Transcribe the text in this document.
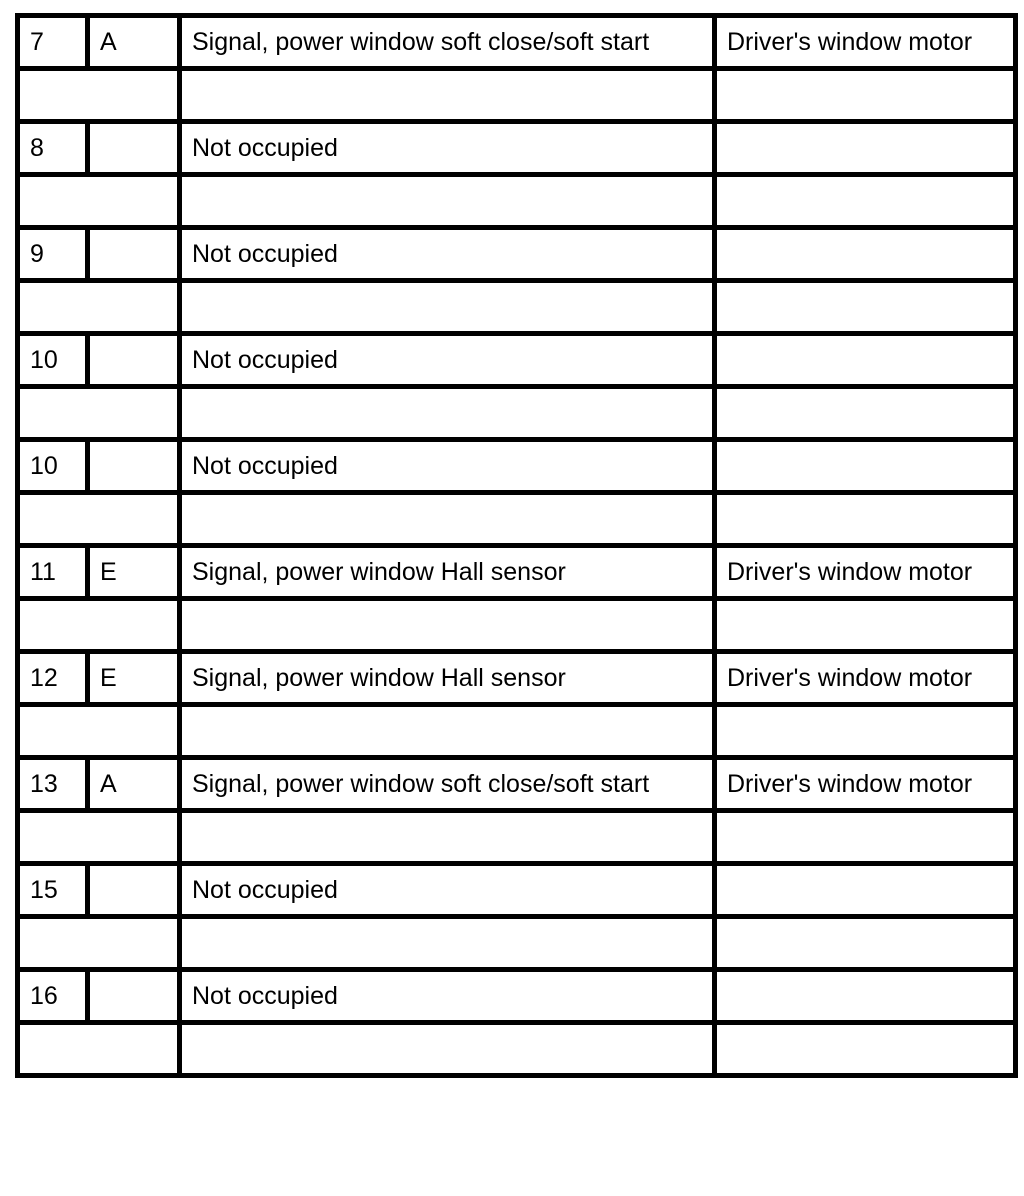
7	A	Signal, power window soft close/soft start	Driver's window motor

8		Not occupied	

9		Not occupied	

10		Not occupied	

10		Not occupied	

11	E	Signal, power window Hall sensor	Driver's window motor

12	E	Signal, power window Hall sensor	Driver's window motor

13	A	Signal, power window soft close/soft start	Driver's window motor

15		Not occupied	

16		Not occupied	
